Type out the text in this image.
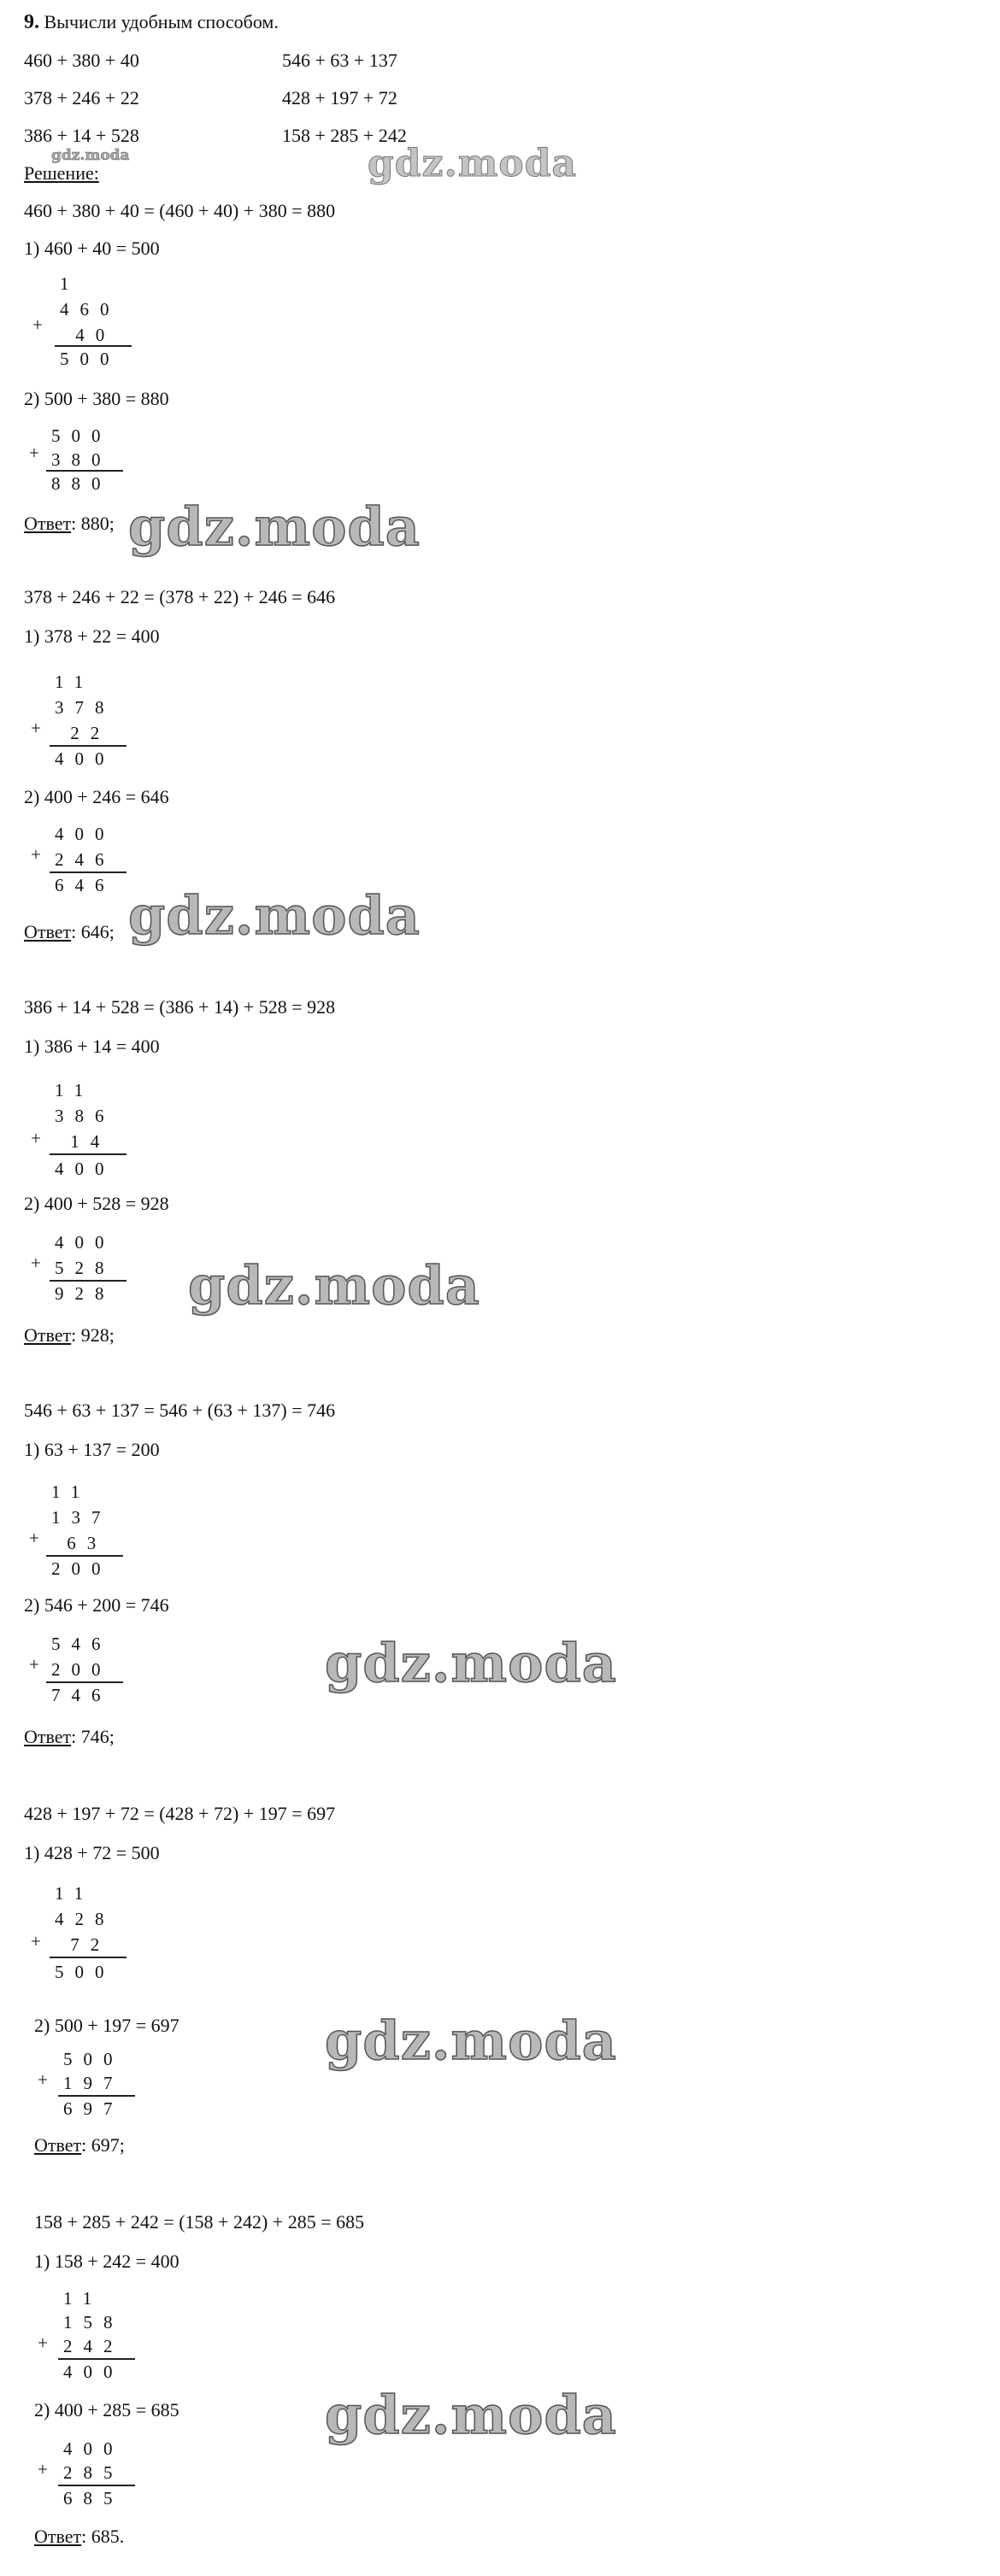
9. Вычисли удобным способом.
460 + 380 + 40
378 + 246 + 22
386 + 14 + 528
546 + 63 + 137
428 + 197 + 72
158 + 285 + 242
gdz.moda
Решение:	gdz.moda
460 + 380 + 40 = (460 + 40) + 380 = 880
1) 460 + 40 = 500
1
460
+ 40
500
2) 500 + 380 = 880
500
+ 380
880
Ответ: 880; gdz.moda
378 + 246 + 22 = (378 + 22) + 246 = 646
1) 378 + 22 = 400
11
378
+ 22
400
2) 400 + 246 = 646
400
+ 246
646
Ответ: 646; gdz.moda
386 + 14 + 528 = (386 + 14) + 528 = 928
1) 386 + 14 = 400
11
386
+ 14
400
2) 400 + 528 = 928
400
+ 528
928
Ответ: 928;
gdz.moda
546 + 63 + 137 = 546 + (63 + 137) = 746
1) 63 + 137 = 200
11
137
+ 63
200
2) 546 + 200 = 746
546
+ 200
746
Ответ: 746;
gdz.moda
428 + 197 + 72 = (428 + 72) + 197 = 697
1) 428 + 72 = 500
11
428
+ 72
500
2) 500 + 197 = 697
500
+ 197
697
Ответ: 697;
gdz.moda
158 + 285 + 242 = (158 + 242) + 285 = 685
1) 158 + 242 = 400
11
158
+ 242
400
2) 400 + 285 = 685
400
+ 285
685
Ответ: 685.
gdz.moda
